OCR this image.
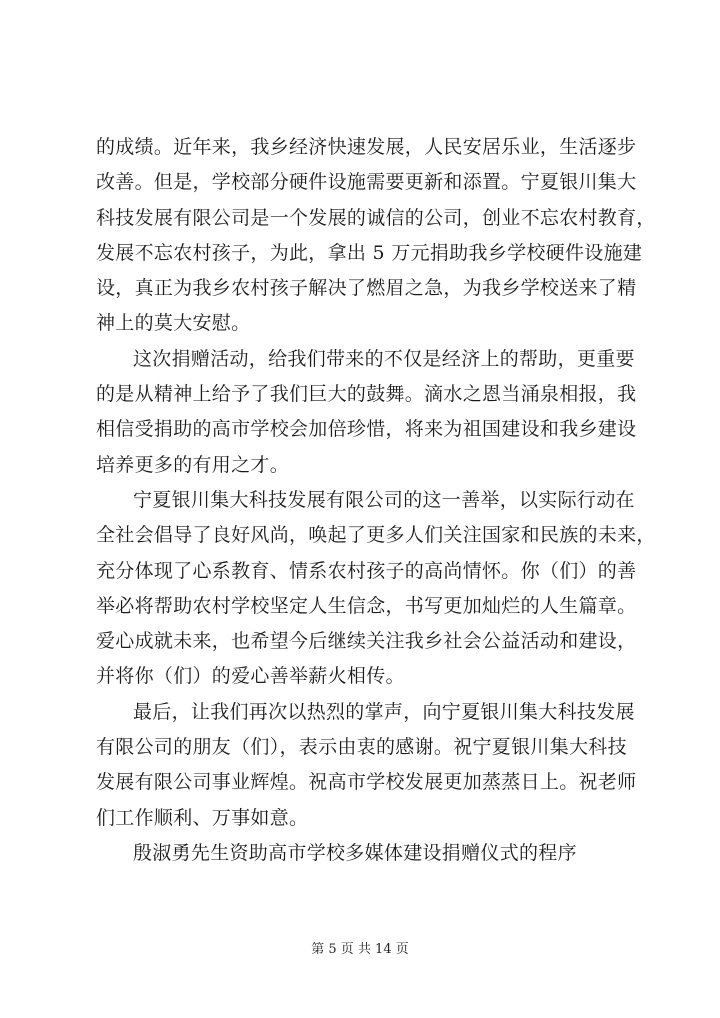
的成绩。近年来，我乡经济快速发展，人民安居乐业，生活逐步
改善。但是，学校部分硬件设施需要更新和添置。宁夏银川集大
科技发展有限公司是一个发展的诚信的公司，创业不忘农村教育，
发展不忘农村孩子，为此，拿出 5 万元捐助我乡学校硬件设施建
设，真正为我乡农村孩子解决了燃眉之急，为我乡学校送来了精
神上的莫大安慰。
这次捐赠活动，给我们带来的不仅是经济上的帮助，更重要
的是从精神上给予了我们巨大的鼓舞。滴水之恩当涌泉相报，我
相信受捐助的高市学校会加倍珍惜，将来为祖国建设和我乡建设
培养更多的有用之才。
宁夏银川集大科技发展有限公司的这一善举，以实际行动在
全社会倡导了良好风尚，唤起了更多人们关注国家和民族的未来，
充分体现了心系教育、情系农村孩子的高尚情怀。你（们）的善
举必将帮助农村学校坚定人生信念，书写更加灿烂的人生篇章。
爱心成就未来，也希望今后继续关注我乡社会公益活动和建设，
并将你（们）的爱心善举薪火相传。
最后，让我们再次以热烈的掌声，向宁夏银川集大科技发展
有限公司的朋友（们），表示由衷的感谢。祝宁夏银川集大科技
发展有限公司事业辉煌。祝高市学校发展更加蒸蒸日上。祝老师
们工作顺利、万事如意。
殷淑勇先生资助高市学校多媒体建设捐赠仪式的程序
第 5 页 共 14 页
